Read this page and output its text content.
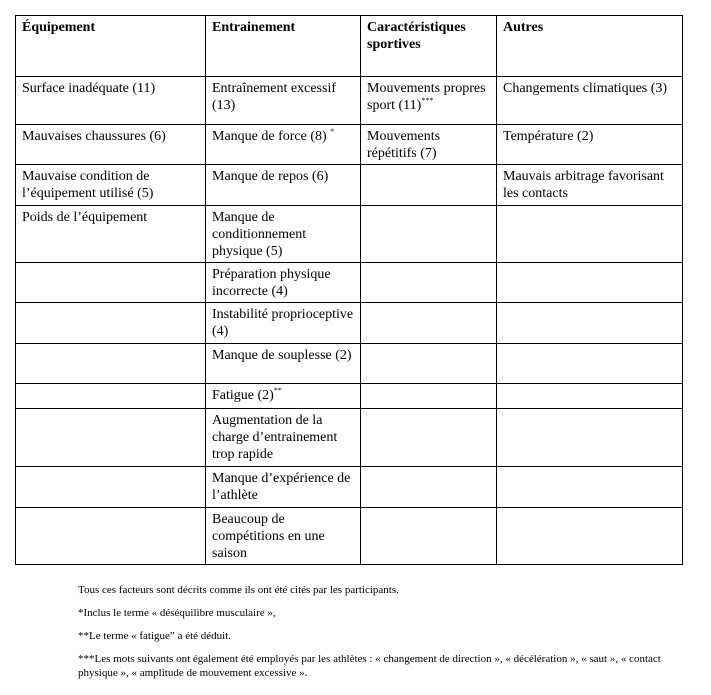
Équipement	Entrainement	Caractéristiques sportives	Autres
Surface inadéquate (11)	Entraînement excessif (13)	Mouvements propres sport (11)***	Changements climatiques (3)
Mauvaises chaussures (6)	Manque de force (8) *	Mouvements répétitifs (7)	Température (2)
Mauvaise condition de l’équipement utilisé (5)	Manque de repos (6)		Mauvais arbitrage favorisant les contacts
Poids de l’équipement	Manque de conditionnement physique (5)		
	Préparation physique incorrecte (4)		
	Instabilité proprioceptive (4)		
	Manque de souplesse (2)		
	Fatigue (2)**		
	Augmentation de la charge d’entrainement trop rapide		
	Manque d’expérience de l’athlète		
	Beaucoup de compétitions en une saison		

Tous ces facteurs sont décrits comme ils ont été cités par les participants.

*Inclus le terme « déséquilibre musculaire »,

**Le terme « fatigue” a été déduit.

***Les mots suivants ont également été employés par les athlètes : « changement de direction », « décélération », « saut », « contact physique », « amplitude de mouvement excessive ».
